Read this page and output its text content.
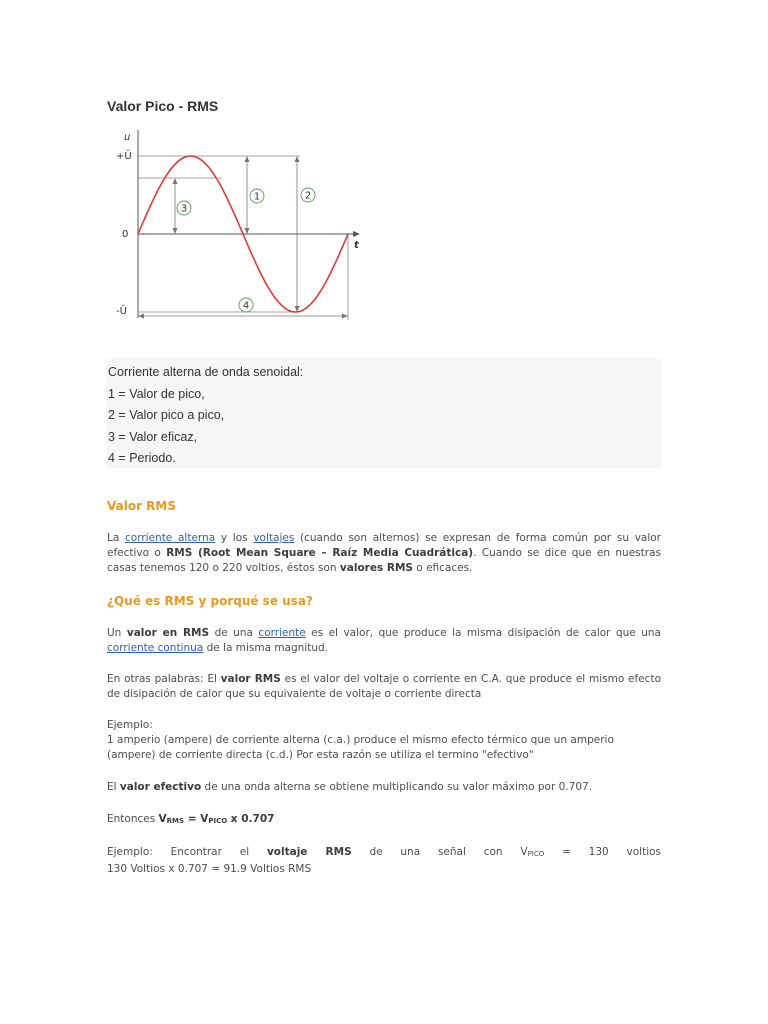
Valor Pico - RMS
u
t
+Û
0
-Û
3
1	2
4
Corriente alterna de onda senoidal:
1 = Valor de pico,
2 = Valor pico a pico,
3 = Valor eficaz,
4 = Periodo.
Valor RMS
La corriente alterna y los voltajes (cuando son alternos) se expresan de forma común por su valor efectivo o RMS (Root Mean Square – Raíz Media Cuadrática). Cuando se dice que en nuestras casas tenemos 120 o 220 voltios, éstos son valores RMS o eficaces.
¿Qué es RMS y porqué se usa?
Un valor en RMS de una corriente es el valor, que produce la misma disipación de calor que una corriente continua de la misma magnitud.
En otras palabras: El valor RMS es el valor del voltaje o corriente en C.A. que produce el mismo efecto de disipación de calor que su equivalente de voltaje o corriente directa
Ejemplo:
1 amperio (ampere) de corriente alterna (c.a.) produce el mismo efecto térmico que un amperio (ampere) de corriente directa (c.d.) Por esta razón se utiliza el termino "efectivo"
El valor efectivo de una onda alterna se obtiene multiplicando su valor máximo por 0.707.
Entonces VRMS = VPICO x 0.707
Ejemplo: Encontrar el voltaje RMS de una señal con VPICO = 130 voltios
130 Voltios x 0.707 = 91.9 Voltios RMS
